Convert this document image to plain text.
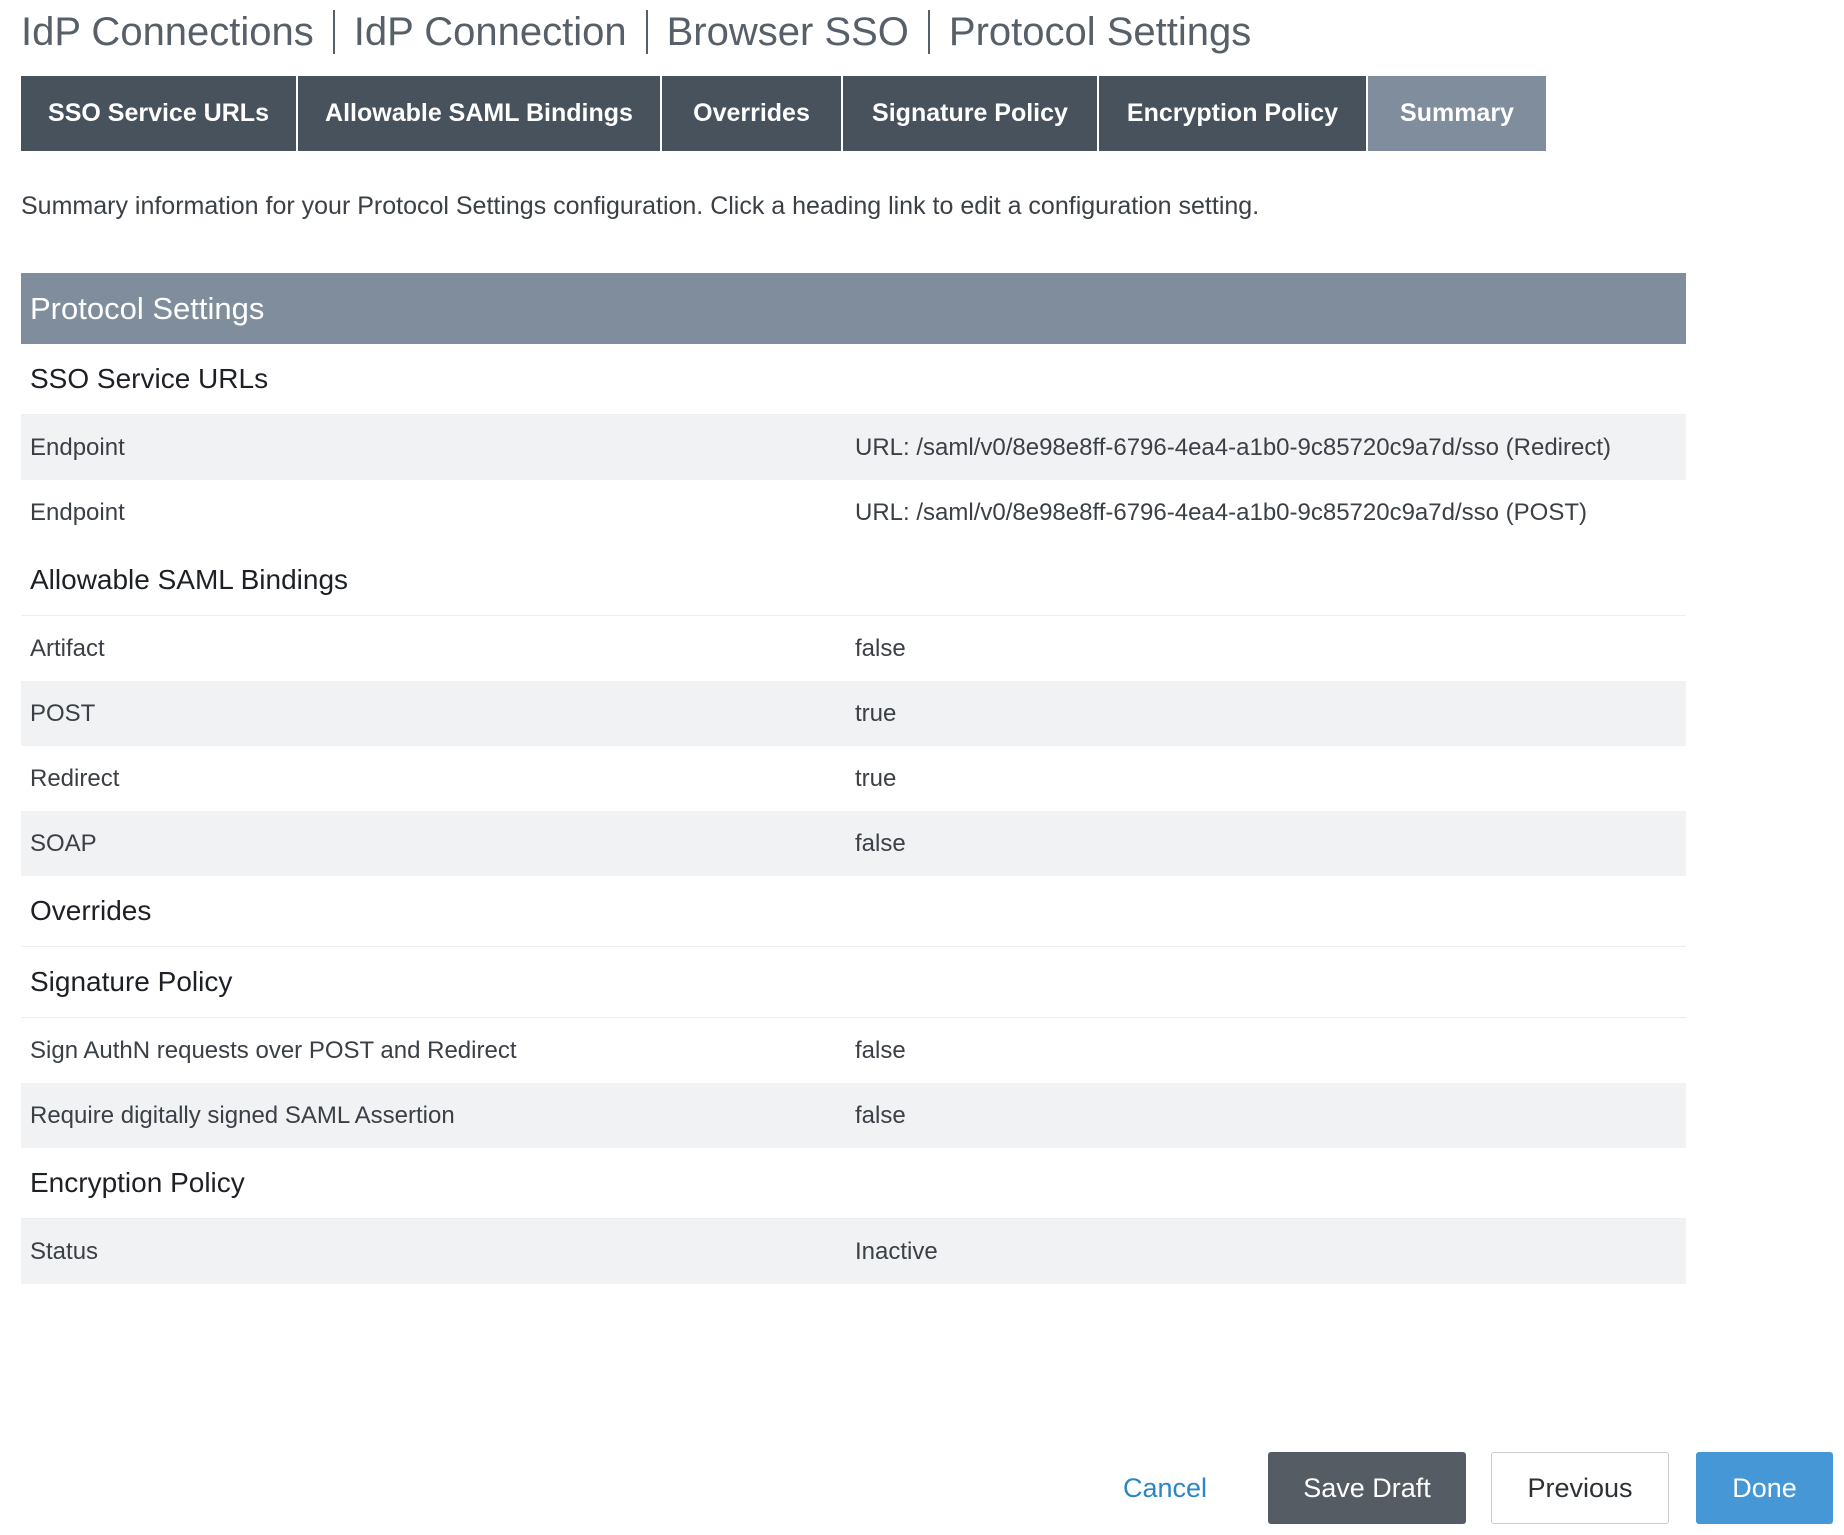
IdP Connections IdP Connection Browser SSO Protocol Settings
SSO Service URLs	Allowable SAML Bindings	Overrides	Signature Policy	Encryption Policy	Summary
Summary information for your Protocol Settings configuration. Click a heading link to edit a configuration setting.
Protocol Settings
SSO Service URLs
Endpoint	URL: /saml/v0/8e98e8ff-6796-4ea4-a1b0-9c85720c9a7d/sso (Redirect)
Endpoint	URL: /saml/v0/8e98e8ff-6796-4ea4-a1b0-9c85720c9a7d/sso (POST)
Allowable SAML Bindings
Artifact	false
POST	true
Redirect	true
SOAP	false
Overrides
Signature Policy
Sign AuthN requests over POST and Redirect	false
Require digitally signed SAML Assertion	false
Encryption Policy
Status	Inactive
Cancel	Save Draft	Previous	Done
